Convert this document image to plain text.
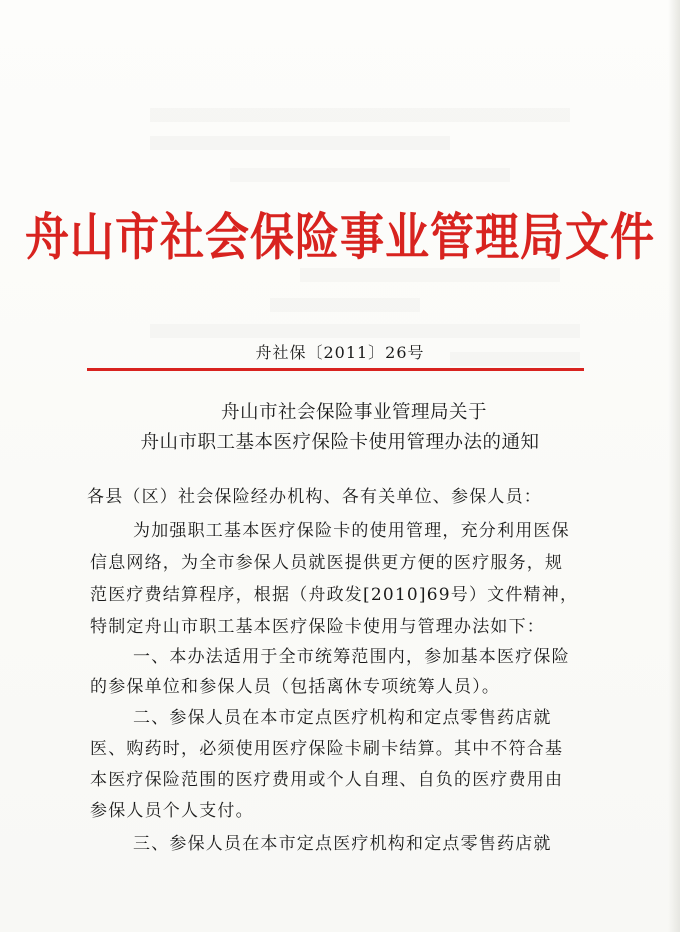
舟山市社会保险事业管理局文件
舟社保〔2011〕26号
舟山市社会保险事业管理局关于
舟山市职工基本医疗保险卡使用管理办法的通知
各县（区）社会保险经办机构、各有关单位、参保人员：
为加强职工基本医疗保险卡的使用管理，充分利用医保
信息网络，为全市参保人员就医提供更方便的医疗服务，规
范医疗费结算程序，根据（舟政发[2010]69号）文件精神，
特制定舟山市职工基本医疗保险卡使用与管理办法如下：
一、本办法适用于全市统筹范围内，参加基本医疗保险
的参保单位和参保人员（包括离休专项统筹人员）。
二、参保人员在本市定点医疗机构和定点零售药店就
医、购药时，必须使用医疗保险卡刷卡结算。其中不符合基
本医疗保险范围的医疗费用或个人自理、自负的医疗费用由
参保人员个人支付。
三、参保人员在本市定点医疗机构和定点零售药店就
